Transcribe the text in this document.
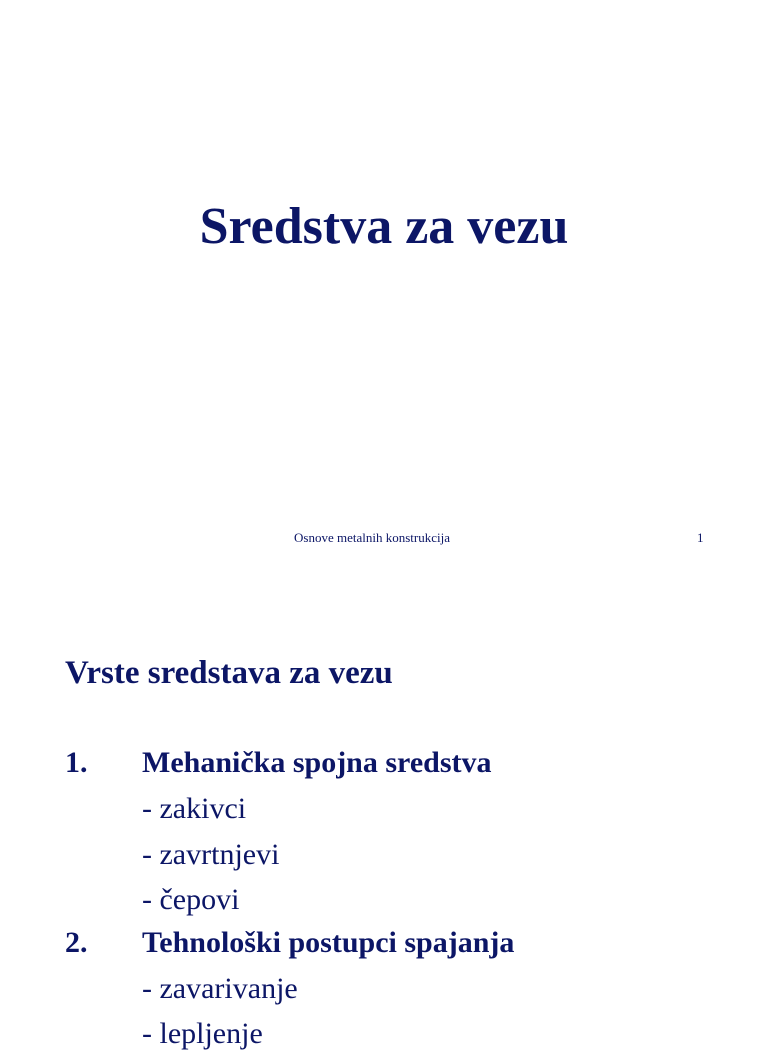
Sredstva za vezu
Osnove metalnih konstrukcija	1
Vrste sredstava za vezu
1. Mehanička spojna sredstva
- zakivci
- zavrtnjevi
- čepovi
2. Tehnološki postupci spajanja
- zavarivanje
- lepljenje
